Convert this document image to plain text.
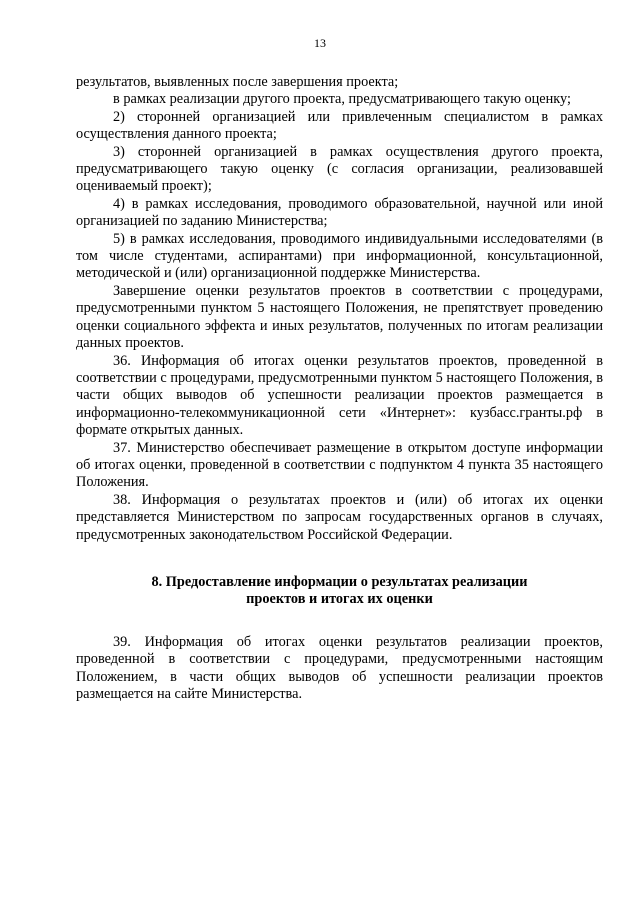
13

результатов, выявленных после завершения проекта;

в рамках реализации другого проекта, предусматривающего такую оценку;

2) сторонней организацией или привлеченным специалистом в рамках осуществления данного проекта;

3) сторонней организацией в рамках осуществления другого проекта, предусматривающего такую оценку (с согласия организации, реализовавшей оцениваемый проект);

4) в рамках исследования, проводимого образовательной, научной или иной организацией по заданию Министерства;

5) в рамках исследования, проводимого индивидуальными исследователями (в том числе студентами, аспирантами) при информационной, консультационной, методической и (или) организационной поддержке Министерства.

Завершение оценки результатов проектов в соответствии с процедурами, предусмотренными пунктом 5 настоящего Положения, не препятствует проведению оценки социального эффекта и иных результатов, полученных по итогам реализации данных проектов.

36. Информация об итогах оценки результатов проектов, проведенной в соответствии с процедурами, предусмотренными пунктом 5 настоящего Положения, в части общих выводов об успешности реализации проектов размещается в информационно-телекоммуникационной сети «Интернет»: кузбасс.гранты.рф в формате открытых данных.

37. Министерство обеспечивает размещение в открытом доступе информации об итогах оценки, проведенной в соответствии с подпунктом 4 пункта 35 настоящего Положения.

38. Информация о результатах проектов и (или) об итогах их оценки представляется Министерством по запросам государственных органов в случаях, предусмотренных законодательством Российской Федерации.

8. Предоставление информации о результатах реализации
проектов и итогах их оценки

39. Информация об итогах оценки результатов реализации проектов, проведенной в соответствии с процедурами, предусмотренными настоящим Положением, в части общих выводов об успешности реализации проектов размещается на сайте Министерства.
